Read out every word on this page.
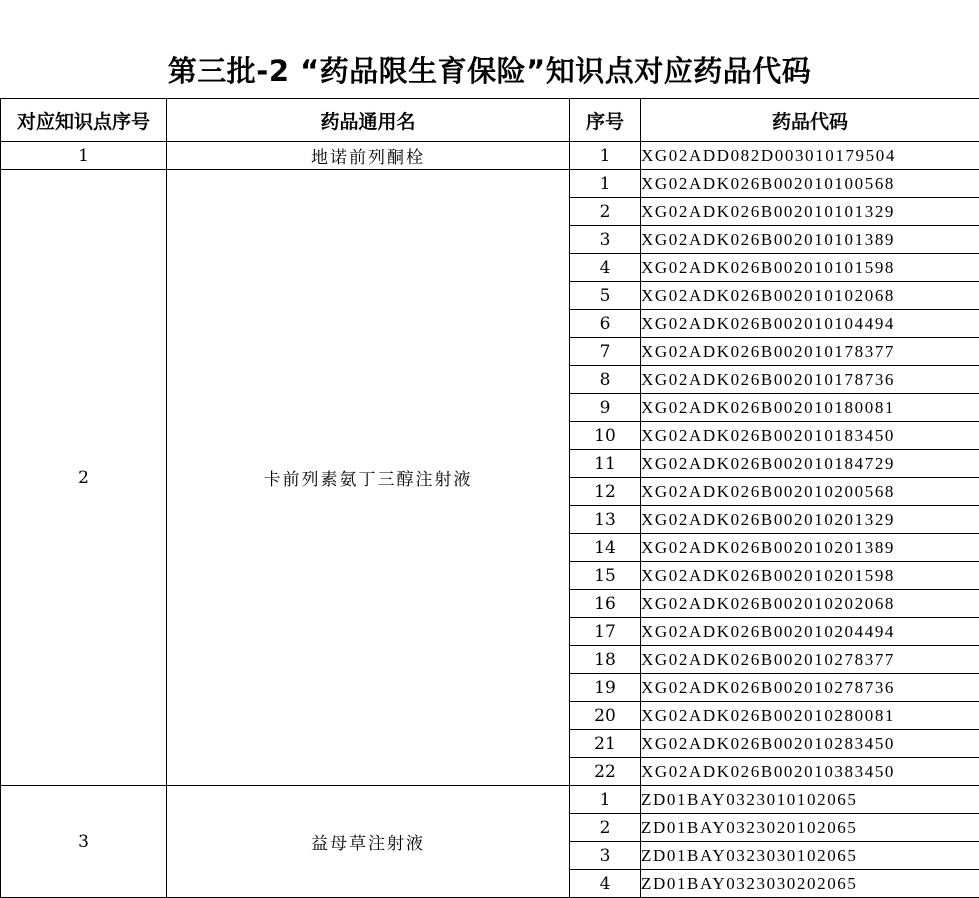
第三批-2 “药品限生育保险”知识点对应药品代码
对应知识点序号	药品通用名	序号	药品代码
1	地诺前列酮栓	1	XG02ADD082D003010179504
2	卡前列素氨丁三醇注射液	1	XG02ADK026B002010100568
		2	XG02ADK026B002010101329
		3	XG02ADK026B002010101389
		4	XG02ADK026B002010101598
		5	XG02ADK026B002010102068
		6	XG02ADK026B002010104494
		7	XG02ADK026B002010178377
		8	XG02ADK026B002010178736
		9	XG02ADK026B002010180081
		10	XG02ADK026B002010183450
		11	XG02ADK026B002010184729
		12	XG02ADK026B002010200568
		13	XG02ADK026B002010201329
		14	XG02ADK026B002010201389
		15	XG02ADK026B002010201598
		16	XG02ADK026B002010202068
		17	XG02ADK026B002010204494
		18	XG02ADK026B002010278377
		19	XG02ADK026B002010278736
		20	XG02ADK026B002010280081
		21	XG02ADK026B002010283450
		22	XG02ADK026B002010383450
3	益母草注射液	1	ZD01BAY0323010102065
		2	ZD01BAY0323020102065
		3	ZD01BAY0323030102065
		4	ZD01BAY0323030202065
